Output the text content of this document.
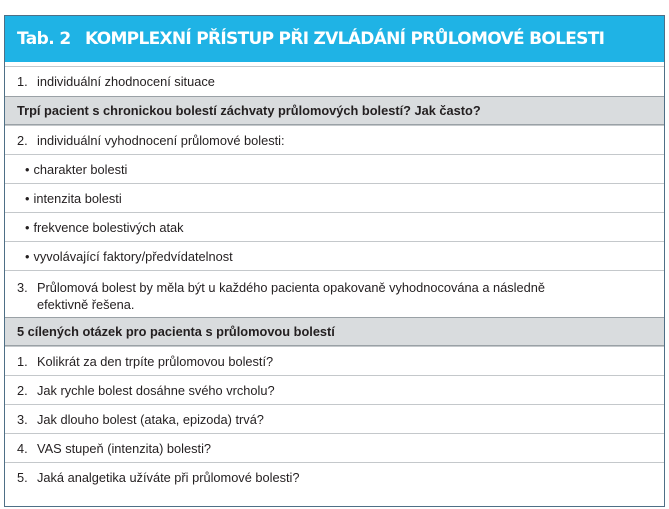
Tab. 2 KOMPLEXNÍ PŘÍSTUP PŘI ZVLÁDÁNÍ PRŮLOMOVÉ BOLESTI
1. individuální zhodnocení situace
Trpí pacient s chronickou bolestí záchvaty průlomových bolestí? Jak často?
2. individuální vyhodnocení průlomové bolesti:
• charakter bolesti
• intenzita bolesti
• frekvence bolestivých atak
• vyvolávající faktory/předvídatelnost
3. Průlomová bolest by měla být u každého pacienta opakovaně vyhodnocována a následně
efektivně řešena.
5 cílených otázek pro pacienta s průlomovou bolestí
1. Kolikrát za den trpíte průlomovou bolestí?
2. Jak rychle bolest dosáhne svého vrcholu?
3. Jak dlouho bolest (ataka, epizoda) trvá?
4. VAS stupeň (intenzita) bolesti?
5. Jaká analgetika užíváte při průlomové bolesti?
